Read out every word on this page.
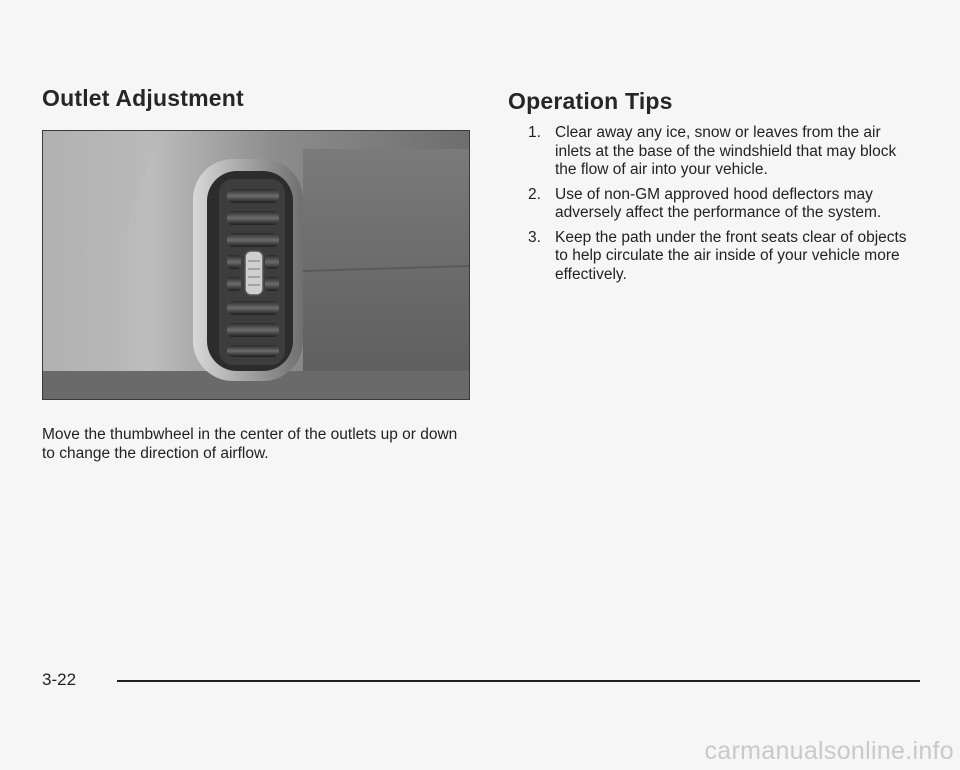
Outlet Adjustment

Move the thumbwheel in the center of the outlets up or down to change the direction of airflow.

Operation Tips
1. Clear away any ice, snow or leaves from the air inlets at the base of the windshield that may block the flow of air into your vehicle.
2. Use of non-GM approved hood deflectors may adversely affect the performance of the system.
3. Keep the path under the front seats clear of objects to help circulate the air inside of your vehicle more effectively.
3-22
carmanualsonline.info
